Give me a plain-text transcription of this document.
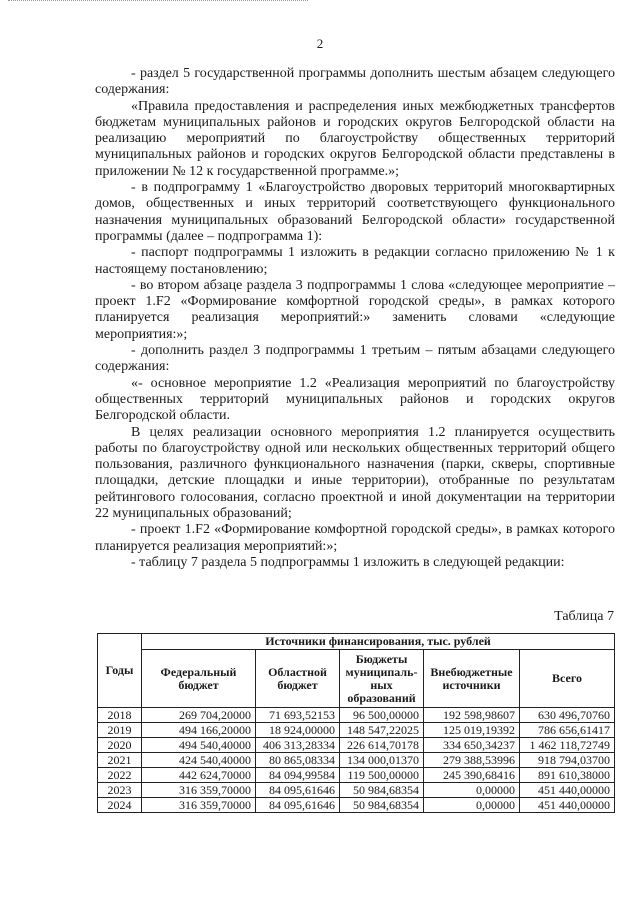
2

- раздел 5 государственной программы дополнить шестым абзацем следующего содержания:

«Правила предоставления и распределения иных межбюджетных трансфертов бюджетам муниципальных районов и городских округов Белгородской области на реализацию мероприятий по благоустройству общественных территорий муниципальных районов и городских округов Белгородской области представлены в приложении № 12 к государственной программе.»;

- в подпрограмму 1 «Благоустройство дворовых территорий многоквартирных домов, общественных и иных территорий соответствующего функционального назначения муниципальных образований Белгородской области» государственной программы (далее – подпрограмма 1):

- паспорт подпрограммы 1 изложить в редакции согласно приложению № 1 к настоящему постановлению;

- во втором абзаце раздела 3 подпрограммы 1 слова «следующее мероприятие – проект 1.F2 «Формирование комфортной городской среды», в рамках которого планируется реализация мероприятий:» заменить словами «следующие мероприятия:»;

- дополнить раздел 3 подпрограммы 1 третьим – пятым абзацами следующего содержания:

«- основное мероприятие 1.2 «Реализация мероприятий по благоустройству общественных территорий муниципальных районов и городских округов Белгородской области.

В целях реализации основного мероприятия 1.2 планируется осуществить работы по благоустройству одной или нескольких общественных территорий общего пользования, различного функционального назначения (парки, скверы, спортивные площадки, детские площадки и иные территории), отобранные по результатам рейтингового голосования, согласно проектной и иной документации на территории 22 муниципальных образований;

- проект 1.F2 «Формирование комфортной городской среды», в рамках которого планируется реализация мероприятий:»;

- таблицу 7 раздела 5 подпрограммы 1 изложить в следующей редакции:

Таблица 7
Годы	Источники финансирования, тыс. рублей				
	Федеральный бюджет	Областной бюджет	Бюджеты муниципаль-ных образований	Внебюджетные источники	Всего
2018	269 704,20000	71 693,52153	96 500,00000	192 598,98607	630 496,70760
2019	494 166,20000	18 924,00000	148 547,22025	125 019,19392	786 656,61417
2020	494 540,40000	406 313,28334	226 614,70178	334 650,34237	1 462 118,72749
2021	424 540,40000	80 865,08334	134 000,01370	279 388,53996	918 794,03700
2022	442 624,70000	84 094,99584	119 500,00000	245 390,68416	891 610,38000
2023	316 359,70000	84 095,61646	50 984,68354	0,00000	451 440,00000
2024	316 359,70000	84 095,61646	50 984,68354	0,00000	451 440,00000
